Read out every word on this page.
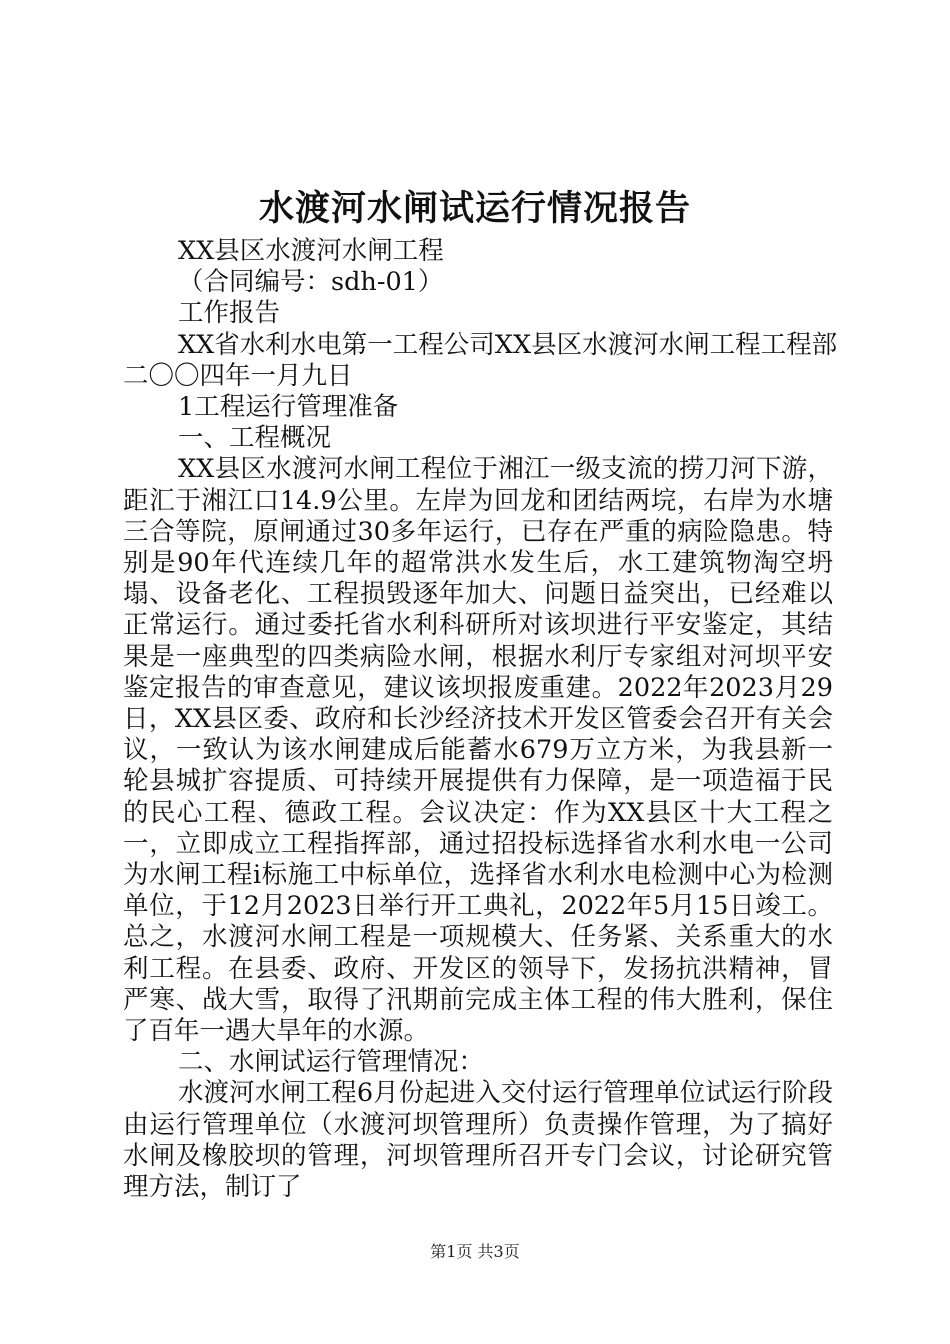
水渡河水闸试运行情况报告
XX县区水渡河水闸工程
（合同编号：sdh-01）
工作报告
XX省水利水电第一工程公司XX县区水渡河水闸工程工程部
二〇〇四年一月九日
1工程运行管理准备
一、工程概况
XX县区水渡河水闸工程位于湘江一级支流的捞刀河下游，距汇于湘江口14.9公里。左岸为回龙和团结两垸，右岸为水塘三合等院，原闸通过30多年运行，已存在严重的病险隐患。特别是90年代连续几年的超常洪水发生后，水工建筑物淘空坍塌、设备老化、工程损毁逐年加大、问题日益突出，已经难以正常运行。通过委托省水利科研所对该坝进行平安鉴定，其结果是一座典型的四类病险水闸，根据水利厅专家组对河坝平安鉴定报告的审查意见，建议该坝报废重建。2022年2023月29日，XX县区委、政府和长沙经济技术开发区管委会召开有关会议，一致认为该水闸建成后能蓄水679万立方米，为我县新一轮县城扩容提质、可持续开展提供有力保障，是一项造福于民的民心工程、德政工程。会议决定：作为XX县区十大工程之一，立即成立工程指挥部，通过招投标选择省水利水电一公司为水闸工程ⅰ标施工中标单位，选择省水利水电检测中心为检测单位，于12月2023日举行开工典礼，2022年5月15日竣工。总之，水渡河水闸工程是一项规模大、任务紧、关系重大的水利工程。在县委、政府、开发区的领导下，发扬抗洪精神，冒严寒、战大雪，取得了汛期前完成主体工程的伟大胜利，保住了百年一遇大旱年的水源。
二、水闸试运行管理情况：
水渡河水闸工程6月份起进入交付运行管理单位试运行阶段由运行管理单位（水渡河坝管理所）负责操作管理，为了搞好水闸及橡胶坝的管理，河坝管理所召开专门会议，讨论研究管理方法，制订了
第1页 共3页
